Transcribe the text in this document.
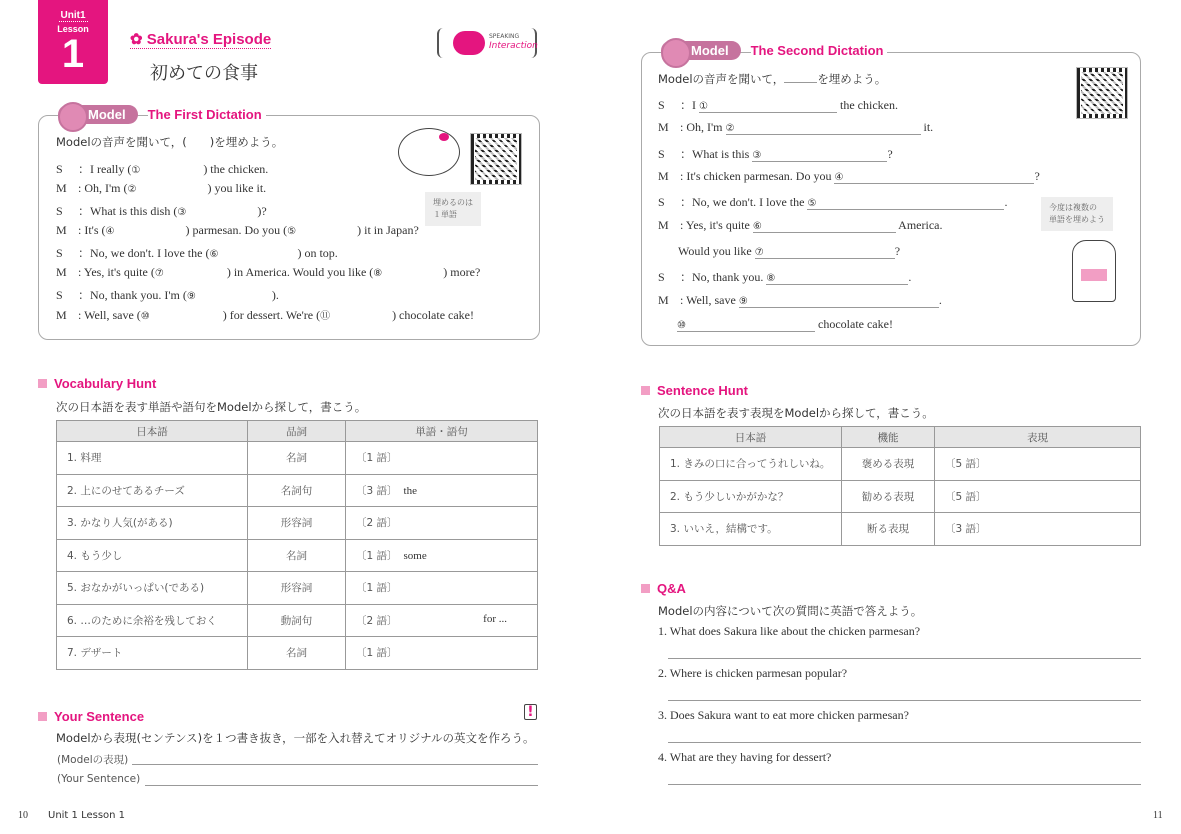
Unit1
Lesson
1	✿ Sakura's Episode
初めての食事
SPEAKING
Interaction
Model	The First Dictation
Modelの音声を聞いて，(　　)を埋めよう。
S ：I really (①	) the chicken.
M : Oh, I'm (②	) you like it.
S ：What is this dish (③	)?
M : It's (④	) parmesan. Do you (⑤	) it in Japan?
S ：No, we don't. I love the (⑥	) on top.
M : Yes, it's quite (⑦	) in America. Would you like (⑧	) more?
S ：No, thank you. I'm (⑨	).
M : Well, save (⑩	) for dessert. We're (⑪	) chocolate cake!
埋めるのは
１単語
Vocabulary Hunt
次の日本語を表す単語や語句をModelから探して，書こう。
日本語	品詞	単語・語句
1. 料理	名詞	〔1 語〕

2. 上にのせてあるチーズ	名詞句	〔3 語〕 the

3. かなり人気(がある)	形容詞	〔2 語〕

4. もう少し	名詞	〔1 語〕 some

5. おなかがいっぱい(である)	形容詞	〔1 語〕

6. …のために余裕を残しておく	動詞句	〔2 語〕 for ...

7. デザート	名詞	〔1 語〕
Your Sentence	!
Modelから表現(センテンス)を１つ書き抜き，一部を入れ替えてオリジナルの英文を作ろう。
(Modelの表現)
(Your Sentence)
10 Unit 1 Lesson 1
Model	The Second Dictation
Modelの音声を聞いて，	を埋めよう。
S ：I ①	the chicken.
M : Oh, I'm ②	it.
S ：What is this ③	?
M : It's chicken parmesan. Do you ④	?
S ：No, we don't. I love the ⑤	.
M : Yes, it's quite ⑥	America.
Would you like ⑦	?
S ：No, thank you. ⑧	.
M : Well, save ⑨	.
⑩	chocolate cake!
今度は複数の
単語を埋めよう
Sentence Hunt
次の日本語を表す表現をModelから探して，書こう。
日本語	機能	表現
1. きみの口に合ってうれしいね。	褒める表現	〔5 語〕
2. もう少しいかがかな？	勧める表現	〔5 語〕
3. いいえ，結構です。	断る表現	〔3 語〕
Q&A
Modelの内容について次の質問に英語で答えよう。
1. What does Sakura like about the chicken parmesan?
2. Where is chicken parmesan popular?
3. Does Sakura want to eat more chicken parmesan?
4. What are they having for dessert?
11
